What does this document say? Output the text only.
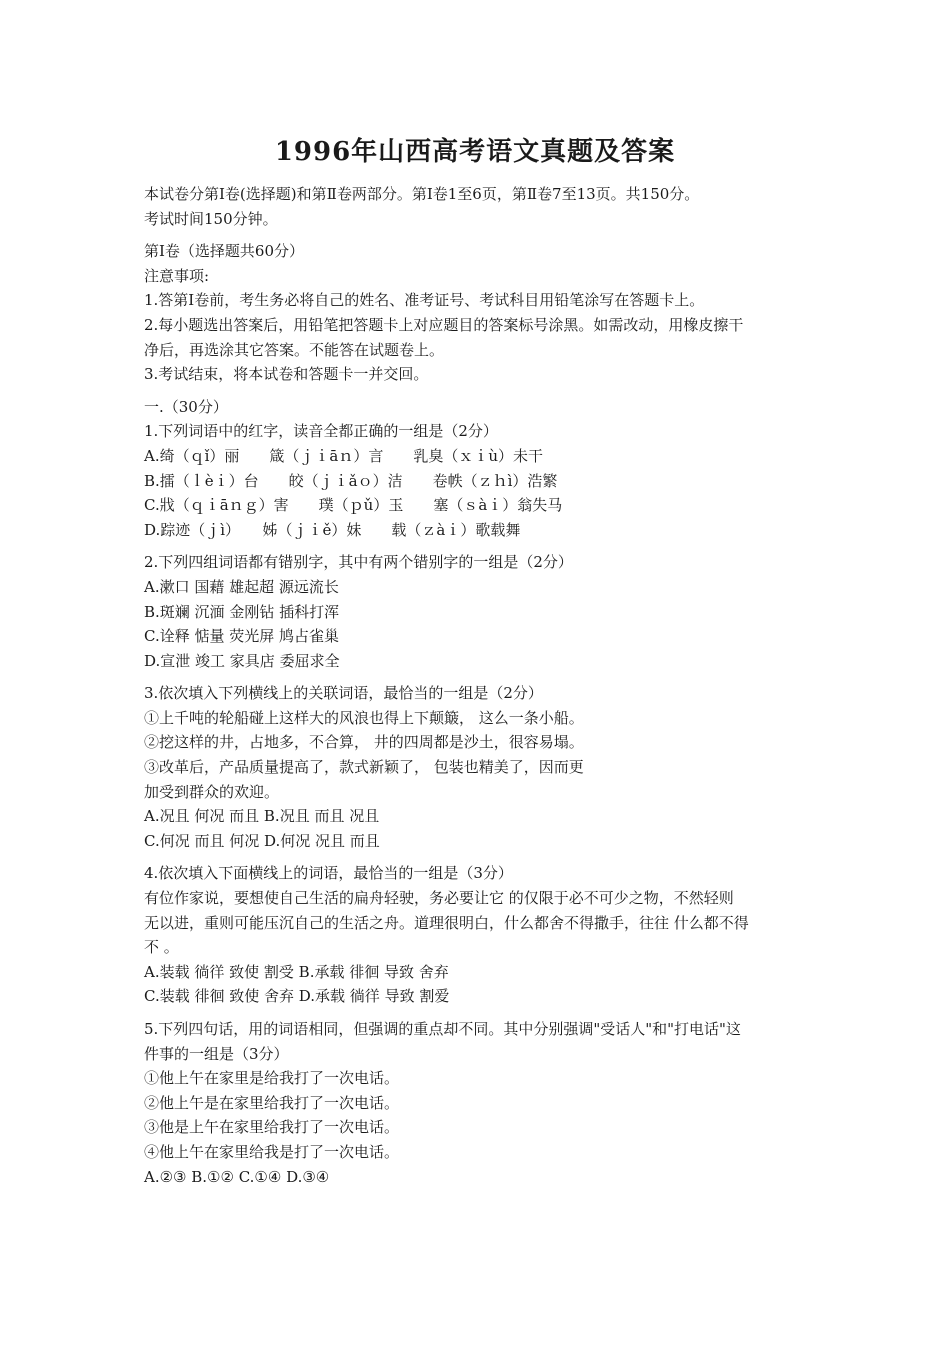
1996年山西高考语文真题及答案
本试卷分第Ⅰ卷(选择题)和第Ⅱ卷两部分。第Ⅰ卷1至6页，第Ⅱ卷7至13页。共150分。
考试时间150分钟。
第Ⅰ卷（选择题共60分）
注意事项:
1.答第Ⅰ卷前，考生务必将自己的姓名、准考证号、考试科目用铅笔涂写在答题卡上。
2.每小题选出答案后，用铅笔把答题卡上对应题目的答案标号涂黑。如需改动，用橡皮擦干
净后，再选涂其它答案。不能答在试题卷上。
3.考试结束，将本试卷和答题卡一并交回。
一.（30分）
1.下列词语中的红字，读音全都正确的一组是（2分）
A.绮（ｑǐ）丽　　箴（ｊｉāｎ）言　　乳臭（ｘｉù）未干
B.擂（ｌèｉ）台　　皎（ｊｉǎｏ）洁　　卷帙（ｚｈì）浩繁
C.戕（ｑｉāｎｇ）害　　璞（ｐǔ）玉　　塞（ｓàｉ）翁失马
D.踪迹（ｊì）　　姊（ｊｉě）妹　　载（ｚàｉ）歌载舞
2.下列四组词语都有错别字，其中有两个错别字的一组是（2分）
A.漱口 国藉 雄起超 源远流长
B.斑斓 沉湎 金刚钻 插科打浑
C.诠释 惦量 荧光屏 鸠占雀巢
D.宣泄 竣工 家具店 委屈求全
3.依次填入下列横线上的关联词语，最恰当的一组是（2分）
①上千吨的轮船碰上这样大的风浪也得上下颠簸， 这么一条小船。
②挖这样的井，占地多，不合算， 井的四周都是沙土，很容易塌。
③改革后，产品质量提高了，款式新颖了， 包装也精美了，因而更
加受到群众的欢迎。
A.况且 何况 而且 B.况且 而且 况且
C.何况 而且 何况 D.何况 况且 而且
4.依次填入下面横线上的词语，最恰当的一组是（3分）
有位作家说，要想使自己生活的扁舟轻驶，务必要让它 的仅限于必不可少之物，不然轻则
无以进，重则可能压沉自己的生活之舟。道理很明白，什么都舍不得撒手，往往 什么都不得
不 。
A.装载 徜徉 致使 割受 B.承载 徘徊 导致 舍弃
C.装载 徘徊 致使 舍弃 D.承载 徜徉 导致 割爱
5.下列四句话，用的词语相同，但强调的重点却不同。其中分别强调"受话人"和"打电话"这
件事的一组是（3分）
①他上午在家里是给我打了一次电话。
②他上午是在家里给我打了一次电话。
③他是上午在家里给我打了一次电话。
④他上午在家里给我是打了一次电话。
A.②③ B.①② C.①④ D.③④
